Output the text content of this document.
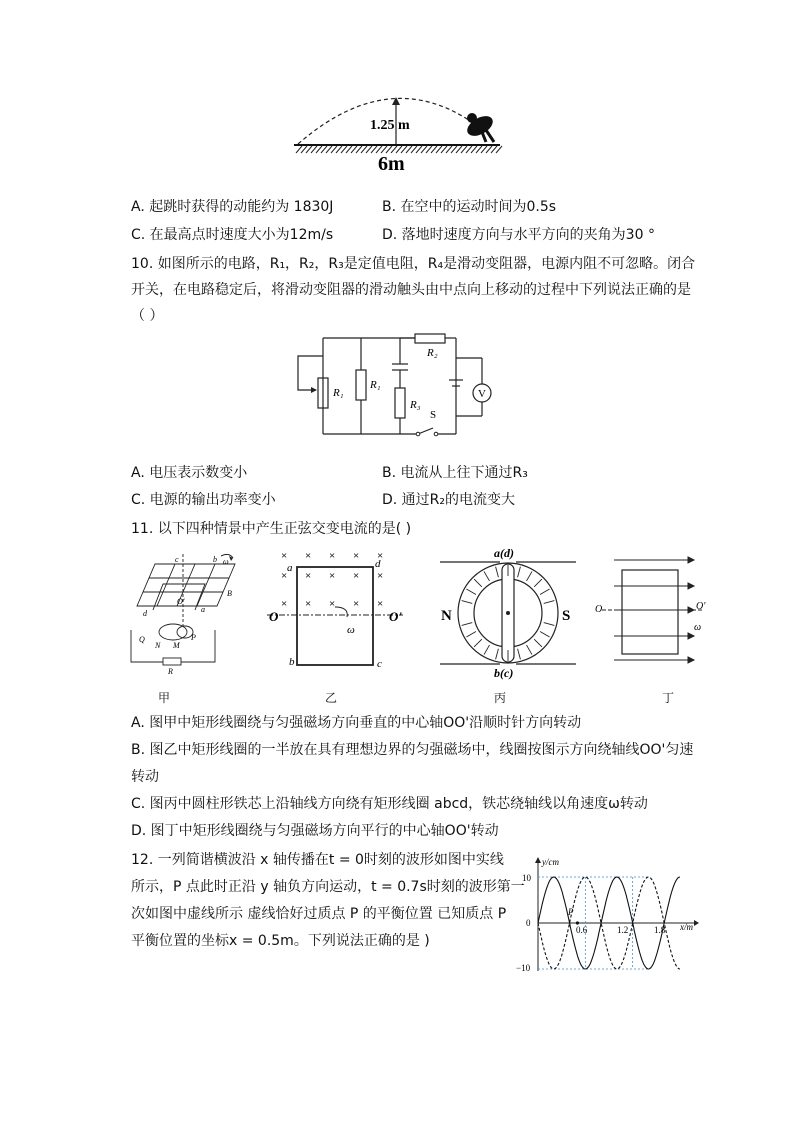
1.25 m
6m
A. 起跳时获得的动能约为 1830J	B. 在空中的运动时间为0.5s
C. 在最高点时速度大小为12m/s	D. 落地时速度方向与水平方向的夹角为30 °
10. 如图所示的电路，R₁，R₂，R₃是定值电阻，R₄是滑动变阻器，电源内阻不可忽略。闭合
开关，在电路稳定后，将滑动变阻器的滑动触头由中点向上移动的过程中下列说法正确的是
（ ）
R₁
R₁
R₂
R₃
S
V
A. 电压表示数变小	B. 电流从上往下通过R₃
C. 电源的输出功率变小	D. 通过R₂的电流变大
11. 以下四种情景中产生正弦交变电流的是( )
c	b ω
B
d	a
O'
N M
Q	P
R
甲
× × × × ×
× × × × ×
× × × × ×
a	d
b	c
O	O'
ω
乙
a(d)
b(c)
N	S
丙
O	O'
ω
丁
A. 图甲中矩形线圈绕与匀强磁场方向垂直的中心轴OO'沿顺时针方向转动
B. 图乙中矩形线圈的一半放在具有理想边界的匀强磁场中，线圈按图示方向绕轴线OO'匀速
转动
C. 图丙中圆柱形铁芯上沿轴线方向绕有矩形线圈 abcd，铁芯绕轴线以角速度ω转动
D. 图丁中矩形线圈绕与匀强磁场方向平行的中心轴OO'转动
12. 一列简谐横波沿 x 轴传播在t = 0时刻的波形如图中实线
所示，P 点此时正沿 y 轴负方向运动，t = 0.7s时刻的波形第一
次如图中虚线所示 虚线恰好过质点 P 的平衡位置 已知质点 P
平衡位置的坐标x = 0.5m。下列说法正确的是 )
y/cm
x/m
10
0
−10
0.6	1.2	1.8
P
